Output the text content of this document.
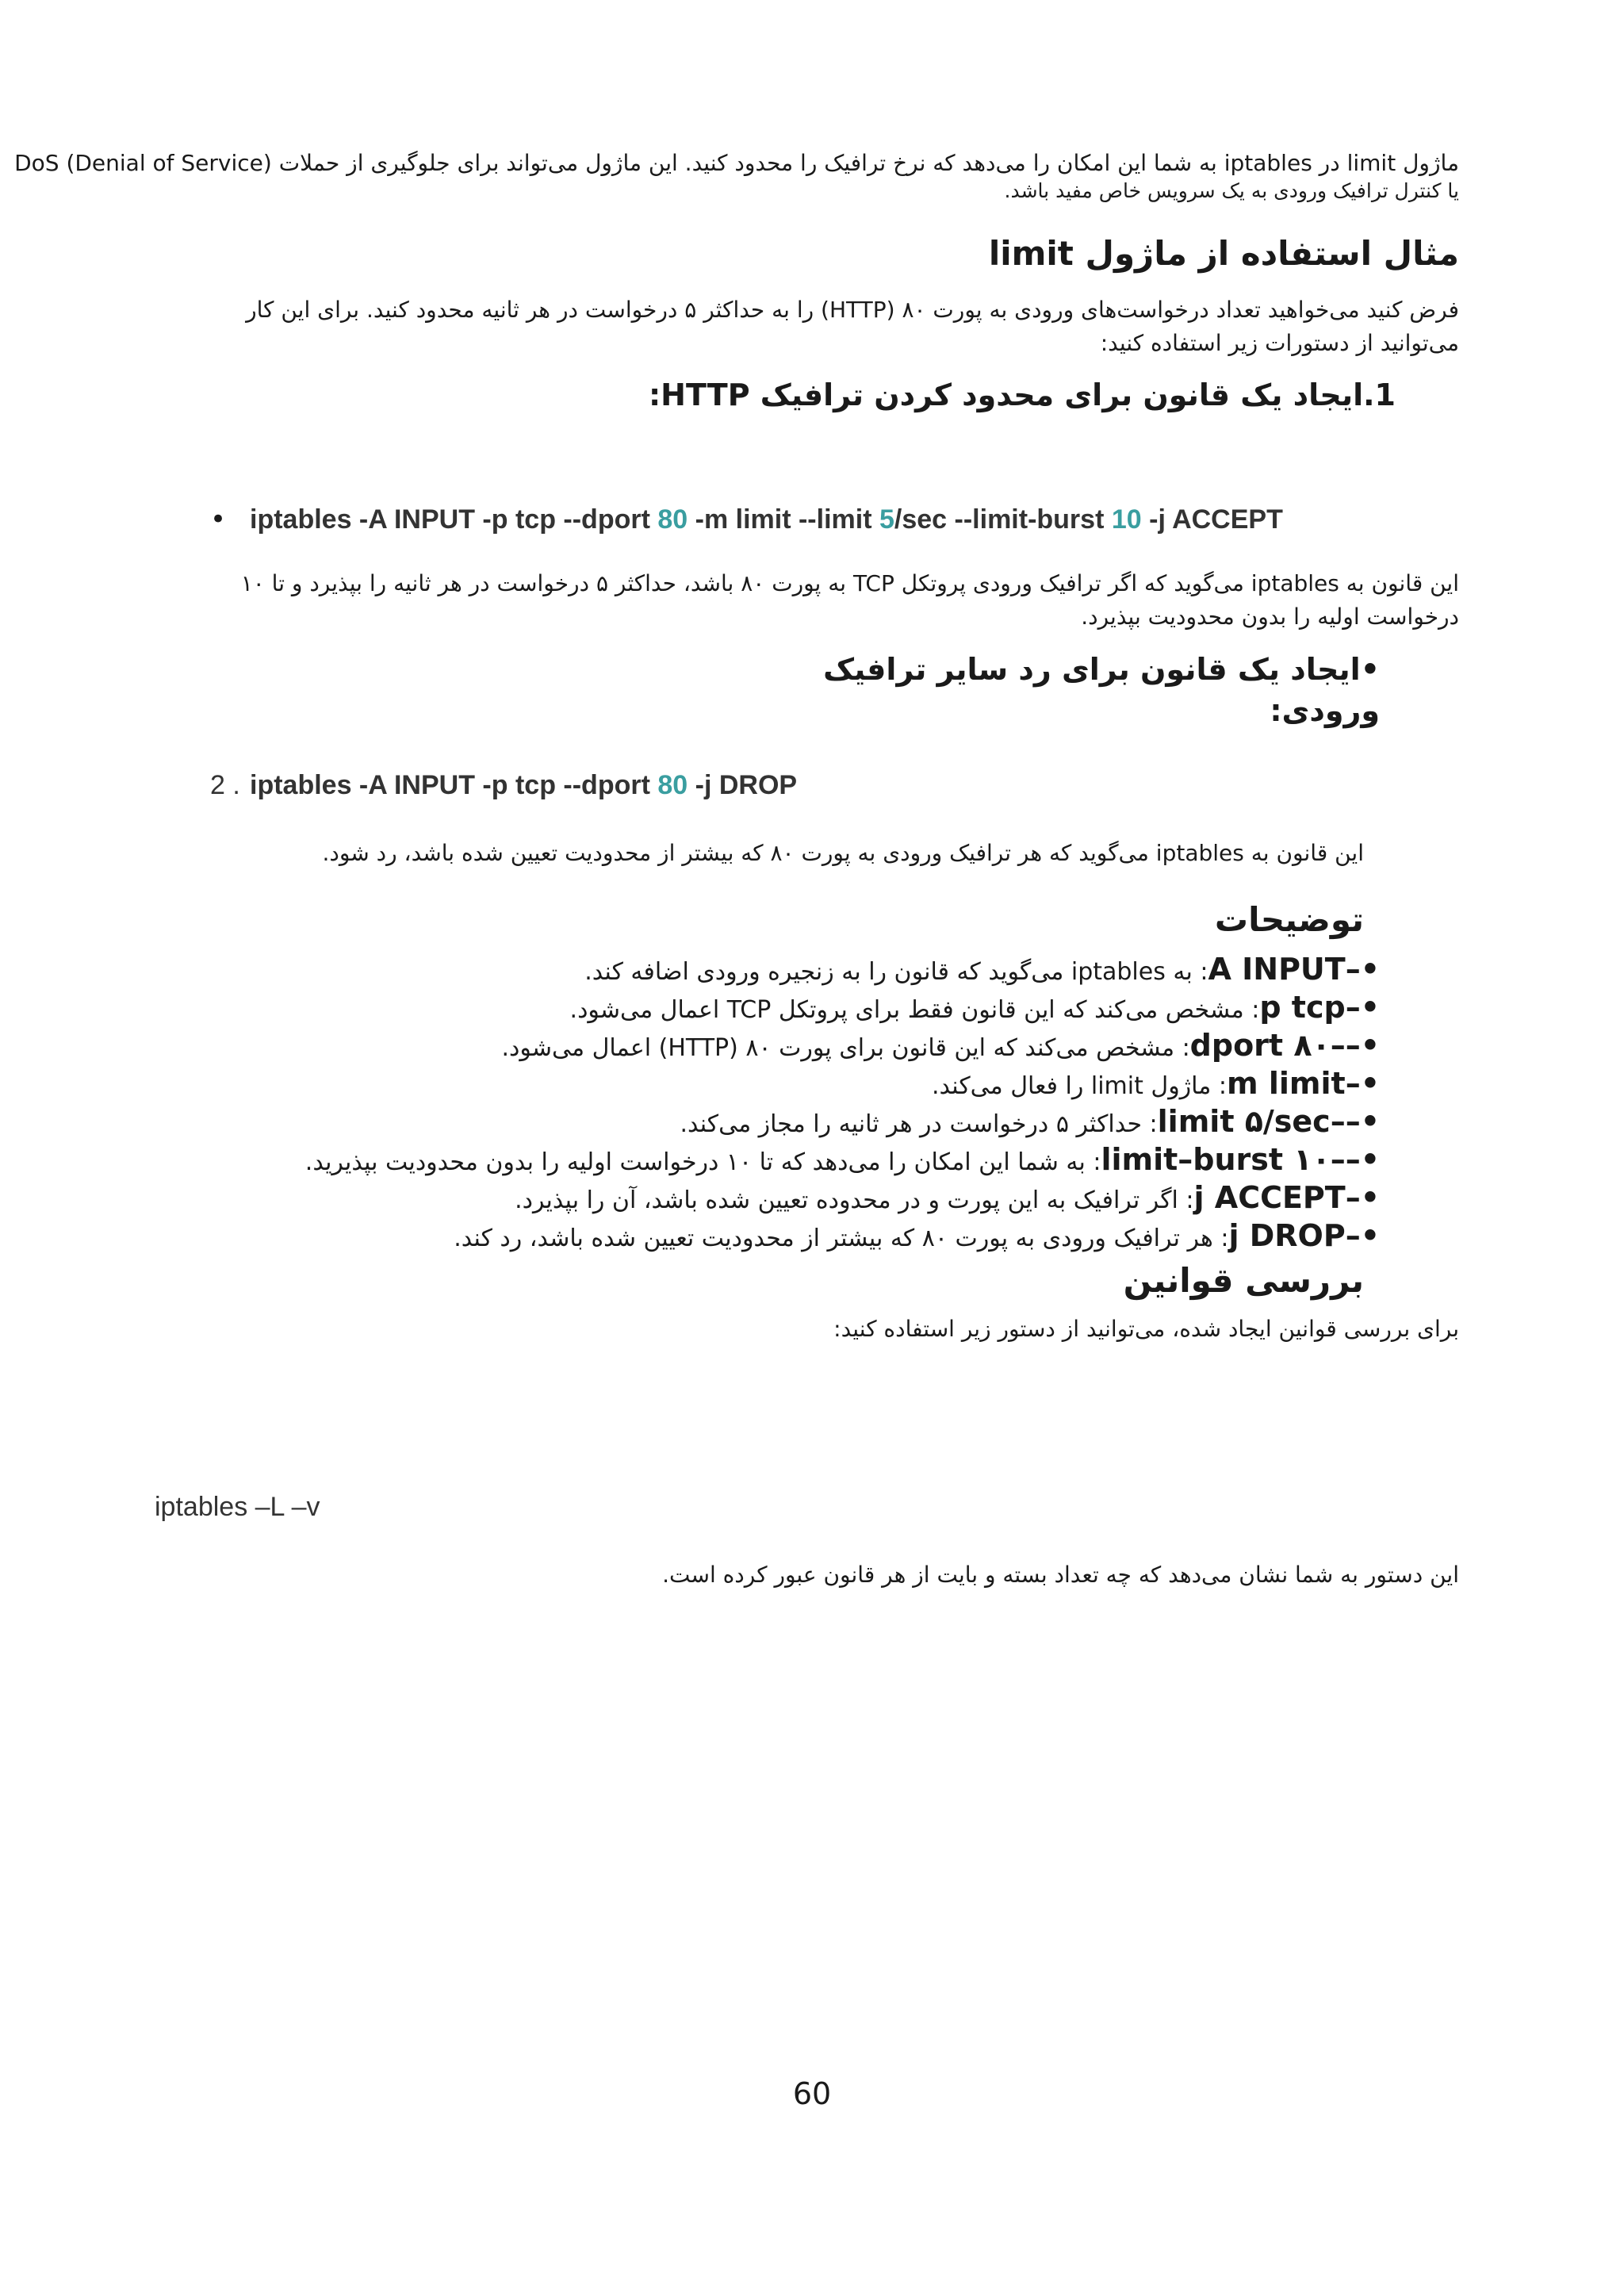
ماژول limit در iptables به شما این امکان را می‌دهد که نرخ ترافیک را محدود کنید. این ماژول می‌تواند برای جلوگیری از حملات (DoS (Denial of Service
یا کنترل ترافیک ورودی به یک سرویس خاص مفید باشد.
مثال استفاده از ماژول limit
فرض کنید می‌خواهید تعداد درخواست‌های ورودی به پورت ۸۰ (HTTP) را به حداکثر ۵ درخواست در هر ثانیه محدود کنید. برای این کار
می‌توانید از دستورات زیر استفاده کنید:
1.ایجاد یک قانون برای محدود کردن ترافیک HTTP:
• iptables -A INPUT -p tcp --dport 80 -m limit --limit 5/sec --limit-burst 10 -j ACCEPT
این قانون به iptables می‌گوید که اگر ترافیک ورودی پروتکل TCP به پورت ۸۰ باشد، حداکثر ۵ درخواست در هر ثانیه را بپذیرد و تا ۱۰
درخواست اولیه را بدون محدودیت بپذیرد.
•ایجاد یک قانون برای رد سایر ترافیک ورودی:
2 . iptables -A INPUT -p tcp --dport 80 -j DROP
این قانون به iptables می‌گوید که هر ترافیک ورودی به پورت ۸۰ که بیشتر از محدودیت تعیین شده باشد، رد شود.
توضیحات
•–A INPUT: به iptables می‌گوید که قانون را به زنجیره ورودی اضافه کند.
•–p tcp: مشخص می‌کند که این قانون فقط برای پروتکل TCP اعمال می‌شود.
•––dport ۸۰: مشخص می‌کند که این قانون برای پورت ۸۰ (HTTP) اعمال می‌شود.
•–m limit: ماژول limit را فعال می‌کند.
•––limit ۵/sec: حداکثر ۵ درخواست در هر ثانیه را مجاز می‌کند.
•––limit–burst ۱۰: به شما این امکان را می‌دهد که تا ۱۰ درخواست اولیه را بدون محدودیت بپذیرید.
•–j ACCEPT: اگر ترافیک به این پورت و در محدوده تعیین شده باشد، آن را بپذیرد.
•–j DROP: هر ترافیک ورودی به پورت ۸۰ که بیشتر از محدودیت تعیین شده باشد، رد کند.
بررسی قوانین
برای بررسی قوانین ایجاد شده، می‌توانید از دستور زیر استفاده کنید:
iptables –L –v
این دستور به شما نشان می‌دهد که چه تعداد بسته و بایت از هر قانون عبور کرده است.
60
